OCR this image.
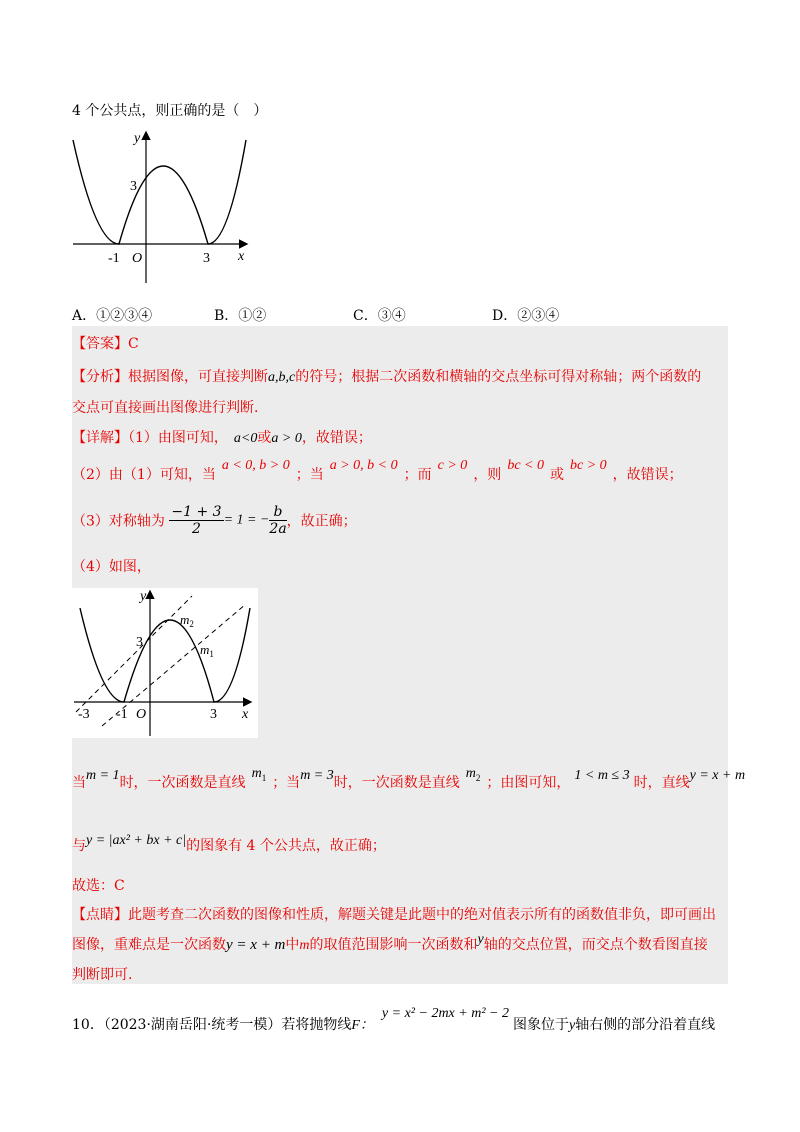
4 个公共点，则正确的是（　）
y
x
O
-1	3
3
A．①②③④	B．①②	C．③④	D．②③④
【答案】C
【分析】根据图像，可直接判断a,b,c的符号；根据二次函数和横轴的交点坐标可得对称轴；两个函数的
交点可直接画出图像进行判断.
【详解】（1）由图可知， a<0或a > 0，故错误；
（2）由（1）可知，当a < 0, b > 0；当a > 0, b < 0；而c > 0，则bc < 0或bc > 0，故错误；
（3）对称轴为 $\frac{-1 + 3}{2} = 1$ = − $\frac{b}{2a}$ ，故正确；
（4）如图，
y
x
O
-3 -1	3
3
$m_2$
$m_1$
当m = 1时，一次函数是直线$m_1$ ；当m = 3时，一次函数是直线$m_2$ ；由图可知， 1 < m ≤ 3 时，直线y = x + m
与y = |ax² + bx + c|的图象有 4 个公共点，故正确；
故选：C
【点睛】此题考查二次函数的图像和性质，解题关键是此题中的绝对值表示所有的函数值非负，即可画出
图像，重难点是一次函数y = x + m中m的取值范围影响一次函数和y轴的交点位置，而交点个数看图直接
判断即可.
10．（2023·湖南岳阳·统考一模）若将抛物线F：y = x² − 2mx + m² − 2图象位于y轴右侧的部分沿着直线
